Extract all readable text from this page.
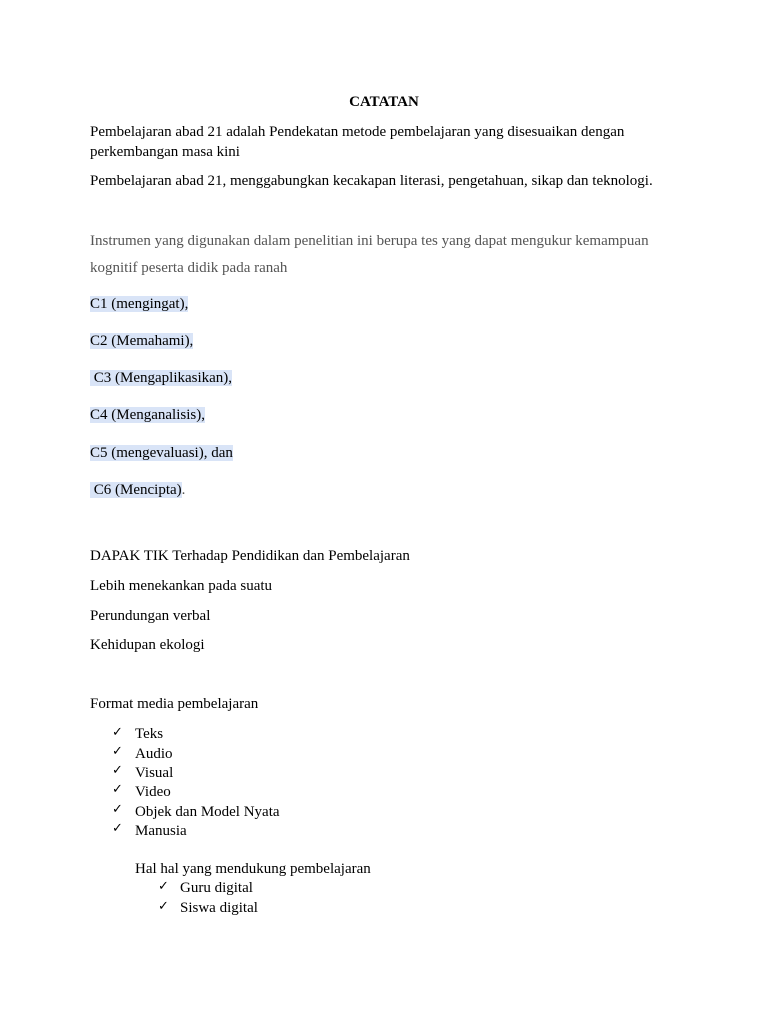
CATATAN
Pembelajaran abad 21 adalah Pendekatan metode pembelajaran yang disesuaikan dengan perkembangan masa kini
Pembelajaran abad 21, menggabungkan kecakapan literasi, pengetahuan, sikap dan teknologi.
Instrumen yang digunakan dalam penelitian ini berupa tes yang dapat mengukur kemampuan
kognitif peserta didik pada ranah
C1 (mengingat),
C2 (Memahami),
C3 (Mengaplikasikan),
C4 (Menganalisis),
C5 (mengevaluasi), dan
C6 (Mencipta).
DAPAK TIK Terhadap Pendidikan dan Pembelajaran
Lebih menekankan pada suatu
Perundungan verbal
Kehidupan ekologi
Format media pembelajaran
✓ Teks
✓ Audio
✓ Visual
✓ Video
✓ Objek dan Model Nyata
✓ Manusia
Hal hal yang mendukung pembelajaran
✓ Guru digital
✓ Siswa digital
